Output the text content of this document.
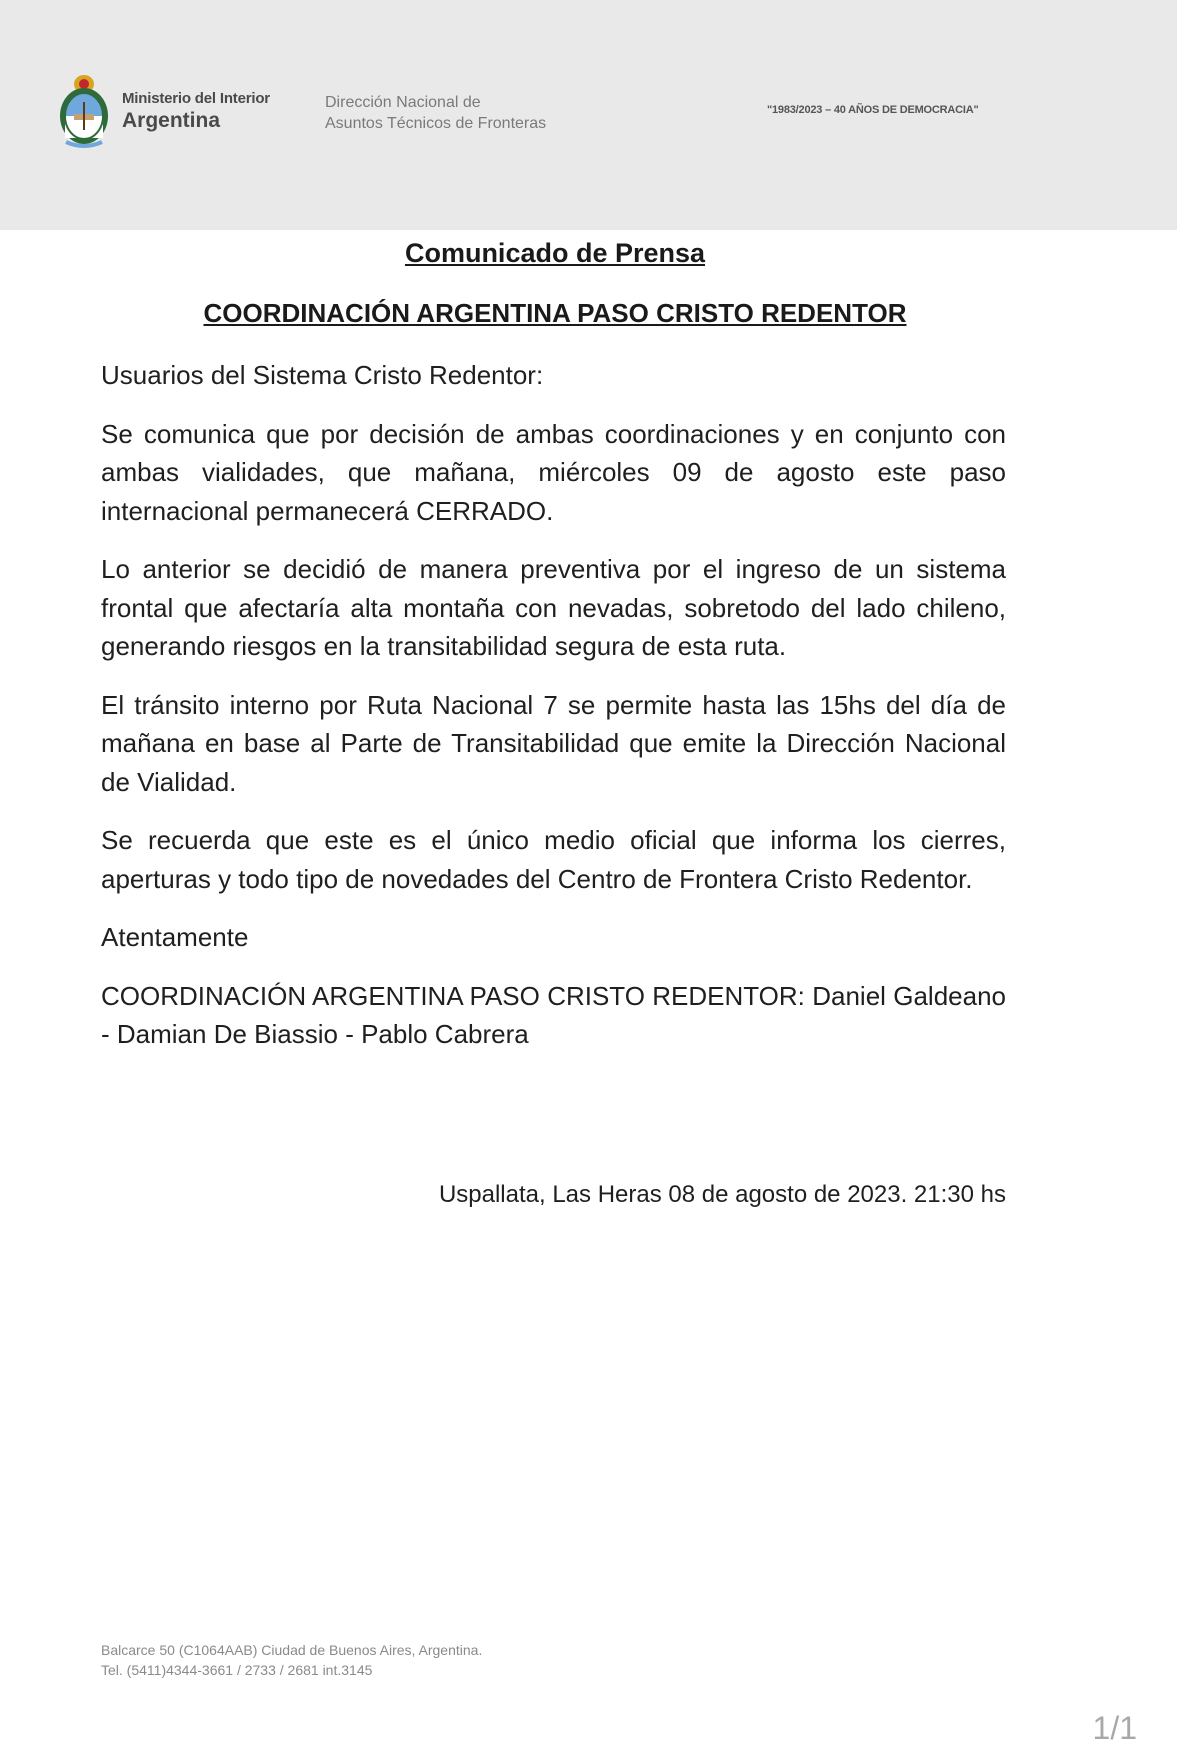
Ministerio del Interior
Argentina
Dirección Nacional de
Asuntos Técnicos de Fronteras
"1983/2023 – 40 AÑOS DE DEMOCRACIA"
Comunicado de Prensa
COORDINACIÓN ARGENTINA PASO CRISTO REDENTOR

Usuarios del Sistema Cristo Redentor:

Se comunica que por decisión de ambas coordinaciones y en conjunto con ambas vialidades, que mañana, miércoles 09 de agosto este paso internacional permanecerá CERRADO.

Lo anterior se decidió de manera preventiva por el ingreso de un sistema frontal que afectaría alta montaña con nevadas, sobretodo del lado chileno, generando riesgos en la transitabilidad segura de esta ruta.

El tránsito interno por Ruta Nacional 7 se permite hasta las 15hs del día de mañana en base al Parte de Transitabilidad que emite la Dirección Nacional de Vialidad.

Se recuerda que este es el único medio oficial que informa los cierres, aperturas y todo tipo de novedades del Centro de Frontera Cristo Redentor.

Atentamente

COORDINACIÓN ARGENTINA PASO CRISTO REDENTOR: Daniel Galdeano - Damian De Biassio - Pablo Cabrera

Uspallata, Las Heras 08 de agosto de 2023. 21:30 hs
Balcarce 50 (C1064AAB) Ciudad de Buenos Aires, Argentina.
Tel. (5411)4344-3661 / 2733 / 2681 int.3145
1/1
